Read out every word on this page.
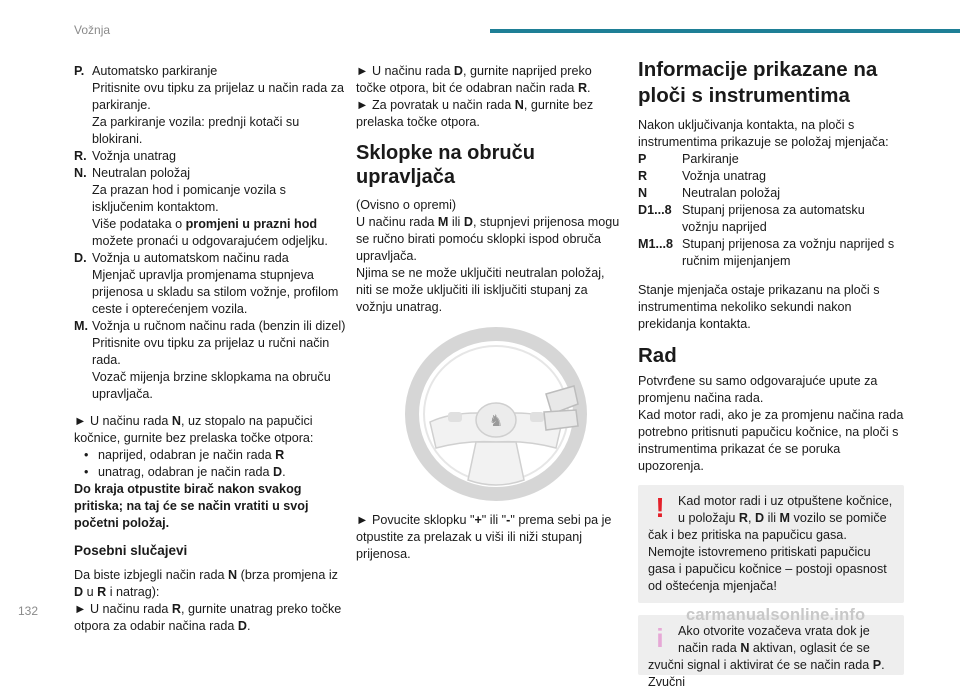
Vožnja
P. Automatsko parkiranje
Pritisnite ovu tipku za prijelaz u način rada za parkiranje.
Za parkiranje vozila: prednji kotači su blokirani.
R. Vožnja unatrag
N. Neutralan položaj
Za prazan hod i pomicanje vozila s isključenim kontaktom.
Više podataka o promjeni u prazni hod možete pronaći u odgovarajućem odjeljku.
D. Vožnja u automatskom načinu rada
Mjenjač upravlja promjenama stupnjeva prijenosa u skladu sa stilom vožnje, profilom ceste i opterećenjem vozila.
M. Vožnja u ručnom načinu rada (benzin ili dizel)
Pritisnite ovu tipku za prijelaz u ručni način rada.
Vozač mijenja brzine sklopkama na obruču upravljača.

► U načinu rada N, uz stopalo na papučici kočnice, gurnite bez prelaska točke otpora:

• naprijed, odabran je način rada R
• unatrag, odabran je način rada D.

Do kraja otpustite birač nakon svakog pritiska; na taj će se način vratiti u svoj početni položaj.

Posebni slučajevi

Da biste izbjegli način rada N (brza promjena iz D u R i natrag):

► U načinu rada R, gurnite unatrag preko točke otpora za odabir načina rada D.

► U načinu rada D, gurnite naprijed preko točke otpora, bit će odabran način rada R.

► Za povratak u način rada N, gurnite bez prelaska točke otpora.

Sklopke na obruču upravljača

(Ovisno o opremi)
U načinu rada M ili D, stupnjevi prijenosa mogu se ručno birati pomoću sklopki ispod obruča upravljača.
Njima se ne može uključiti neutralan položaj, niti se može uključiti ili isključiti stupanj za vožnju unatrag.

♞

► Povucite sklopku "+" ili "-" prema sebi pa je otpustite za prelazak u viši ili niži stupanj prijenosa.

Informacije prikazane na ploči s instrumentima

Nakon uključivanja kontakta, na ploči s instrumentima prikazuje se položaj mjenjača:

P	Parkiranje
R	Vožnja unatrag
N	Neutralan položaj
D1...8 Stupanj prijenosa za automatsku vožnju naprijed
M1...8 Stupanj prijenosa za vožnju naprijed s ručnim mijenjanjem

Stanje mjenjača ostaje prikazanu na ploči s instrumentima nekoliko sekundi nakon prekidanja kontakta.

Rad

Potvrđene su samo odgovarajuće upute za promjenu načina rada.
Kad motor radi, ako je za promjenu načina rada potrebno pritisnuti papučicu kočnice, na ploči s instrumentima prikazat će se poruka upozorenja.

!	Kad motor radi i uz otpuštene kočnice, u položaju R, D ili M vozilo se pomiče čak i bez pritiska na papučicu gasa.
Nemojte istovremeno pritiskati papučicu gasa i papučicu kočnice – postoji opasnost od oštećenja mjenjača!
i	Ako otvorite vozačeva vrata dok je način rada N aktivan, oglasit će se zvučni signal i aktivirat će se način rada P. Zvučni
132	carmanualsonline.info
